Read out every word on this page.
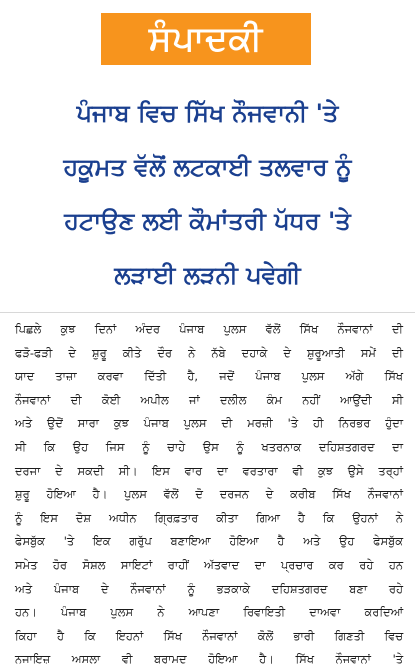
ਸੰਪਾਦਕੀ
ਪੰਜਾਬ ਵਿਚ ਸਿੱਖ ਨੌਜਵਾਨੀ 'ਤੇ
ਹਕੂਮਤ ਵੱਲੋਂ ਲਟਕਾਈ ਤਲਵਾਰ ਨੂੰ
ਹਟਾਉਣ ਲਈ ਕੌਮਾਂਤਰੀ ਪੱਧਰ 'ਤੇ
ਲੜਾਈ ਲੜਨੀ ਪਵੇਗੀ
ਪਿਛਲੇ ਕੁਝ ਦਿਨਾਂ ਅੰਦਰ ਪੰਜਾਬ ਪੁਲਸ ਵੱਲੋਂ ਸਿੱਖ ਨੌਜਵਾਨਾਂ ਦੀ
ਫੜੋ-ਫੜੀ ਦੇ ਸ਼ੁਰੂ ਕੀਤੇ ਦੌਰ ਨੇ ਨੱਬੇ ਦਹਾਕੇ ਦੇ ਸ਼ੁਰੂਆਤੀ ਸਮੇਂ ਦੀ
ਯਾਦ ਤਾਜ਼ਾ ਕਰਵਾ ਦਿੱਤੀ ਹੈ, ਜਦੋਂ ਪੰਜਾਬ ਪੁਲਸ ਅੱਗੇ ਸਿੱਖ
ਨੌਜਵਾਨਾਂ ਦੀ ਕੋਈ ਅਪੀਲ ਜਾਂ ਦਲੀਲ ਕੰਮ ਨਹੀਂ ਆਉਂਦੀ ਸੀ
ਅਤੇ ਉਦੋਂ ਸਾਰਾ ਕੁਝ ਪੰਜਾਬ ਪੁਲਸ ਦੀ ਮਰਜ਼ੀ 'ਤੇ ਹੀ ਨਿਰਭਰ ਹੁੰਦਾ
ਸੀ ਕਿ ਉਹ ਜਿਸ ਨੂੰ ਚਾਹੇ ਉਸ ਨੂੰ ਖਤਰਨਾਕ ਦਹਿਸ਼ਤਗਰਦ ਦਾ
ਦਰਜਾ ਦੇ ਸਕਦੀ ਸੀ। ਇਸ ਵਾਰ ਦਾ ਵਰਤਾਰਾ ਵੀ ਕੁਝ ਉਸੇ ਤਰ੍ਹਾਂ
ਸ਼ੁਰੂ ਹੋਇਆ ਹੈ। ਪੁਲਸ ਵੱਲੋਂ ਦੋ ਦਰਜਨ ਦੇ ਕਰੀਬ ਸਿੱਖ ਨੌਜਵਾਨਾਂ
ਨੂੰ ਇਸ ਦੋਸ਼ ਅਧੀਨ ਗ੍ਰਿਫ਼ਤਾਰ ਕੀਤਾ ਗਿਆ ਹੈ ਕਿ ਉਹਨਾਂ ਨੇ
ਫੇਸਬੁੱਕ 'ਤੇ ਇਕ ਗਰੁੱਪ ਬਣਾਇਆ ਹੋਇਆ ਹੈ ਅਤੇ ਉਹ ਫੇਸਬੁੱਕ
ਸਮੇਤ ਹੋਰ ਸੋਸ਼ਲ ਸਾਇਟਾਂ ਰਾਹੀਂ ਅੱਤਵਾਦ ਦਾ ਪ੍ਰਚਾਰ ਕਰ ਰਹੇ ਹਨ
ਅਤੇ ਪੰਜਾਬ ਦੇ ਨੌਜਵਾਨਾਂ ਨੂੰ ਭੜਕਾਕੇ ਦਹਿਸ਼ਤਗਰਦ ਬਣਾ ਰਹੇ
ਹਨ। ਪੰਜਾਬ ਪੁਲਸ ਨੇ ਆਪਣਾ ਰਿਵਾਇਤੀ ਦਾਅਵਾ ਕਰਦਿਆਂ
ਕਿਹਾ ਹੈ ਕਿ ਇਹਨਾਂ ਸਿੱਖ ਨੌਜਵਾਨਾਂ ਕੋਲੋਂ ਭਾਰੀ ਗਿਣਤੀ ਵਿਚ
ਨਜਾਇਜ਼ ਅਸਲਾ ਵੀ ਬਰਾਮਦ ਹੋਇਆ ਹੈ। ਸਿੱਖ ਨੌਜਵਾਨਾਂ 'ਤੇ
